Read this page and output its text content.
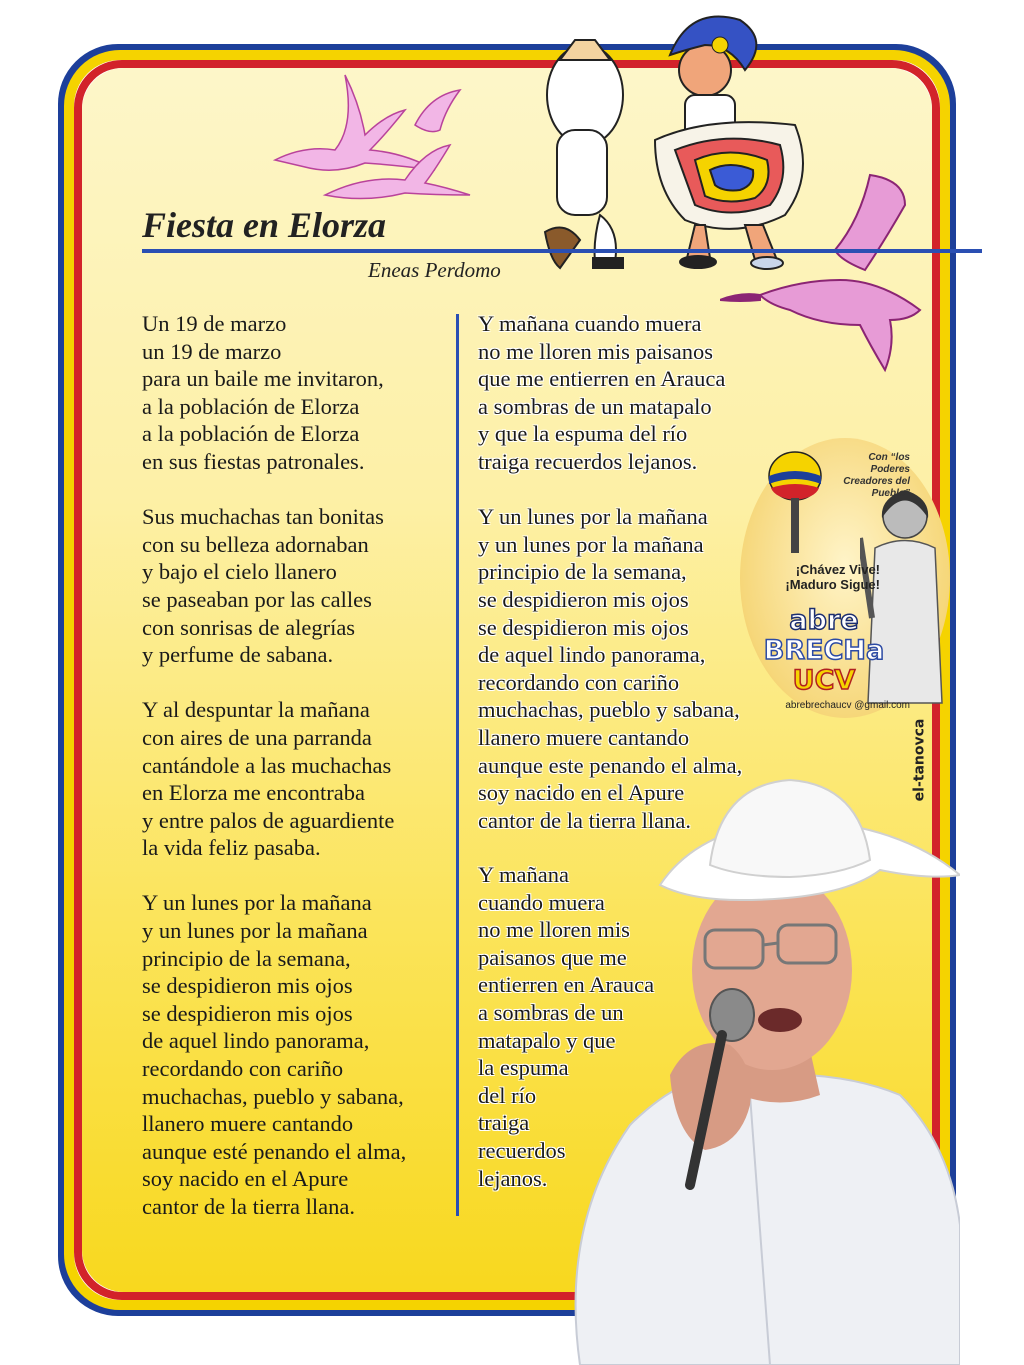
Fiesta en Elorza
Eneas Perdomo

Un 19 de marzo
un 19 de marzo
para un baile me invitaron,
a la población de Elorza
a la población de Elorza
en sus fiestas patronales.

Sus muchachas tan bonitas
con su belleza adornaban
y bajo el cielo llanero
se paseaban por las calles
con sonrisas de alegrías
y perfume de sabana.

Y al despuntar la mañana
con aires de una parranda
cantándole a las muchachas
en Elorza me encontraba
y entre palos de aguardiente
la vida feliz pasaba.

Y un lunes por la mañana
y un lunes por la mañana
principio de la semana,
se despidieron mis ojos
se despidieron mis ojos
de aquel lindo panorama,
recordando con cariño
muchachas, pueblo y sabana,
llanero muere cantando
aunque esté penando el alma,
soy nacido en el Apure
cantor de la tierra llana.

Y mañana cuando muera
no me lloren mis paisanos
que me entierren en Arauca
a sombras de un matapalo
y que la espuma del río
traiga recuerdos lejanos.

Y un lunes por la mañana
y un lunes por la mañana
principio de la semana,
se despidieron mis ojos
se despidieron mis ojos
de aquel lindo panorama,
recordando con cariño
muchachas, pueblo y sabana,
llanero muere cantando
aunque este penando el alma,
soy nacido en el Apure
cantor de la tierra llana.

Y mañana
cuando muera
no me lloren mis
paisanos que me
entierren en Arauca
a sombras de un
matapalo y que
la espuma
del río
traiga
recuerdos
lejanos.

Con “los Poderes Creadores del Pueblo”
¡Chávez Vive! ¡Maduro Sigue!
abre
BRECHa
UCV
abrebrechaucv @gmail.com
el-tanovca
